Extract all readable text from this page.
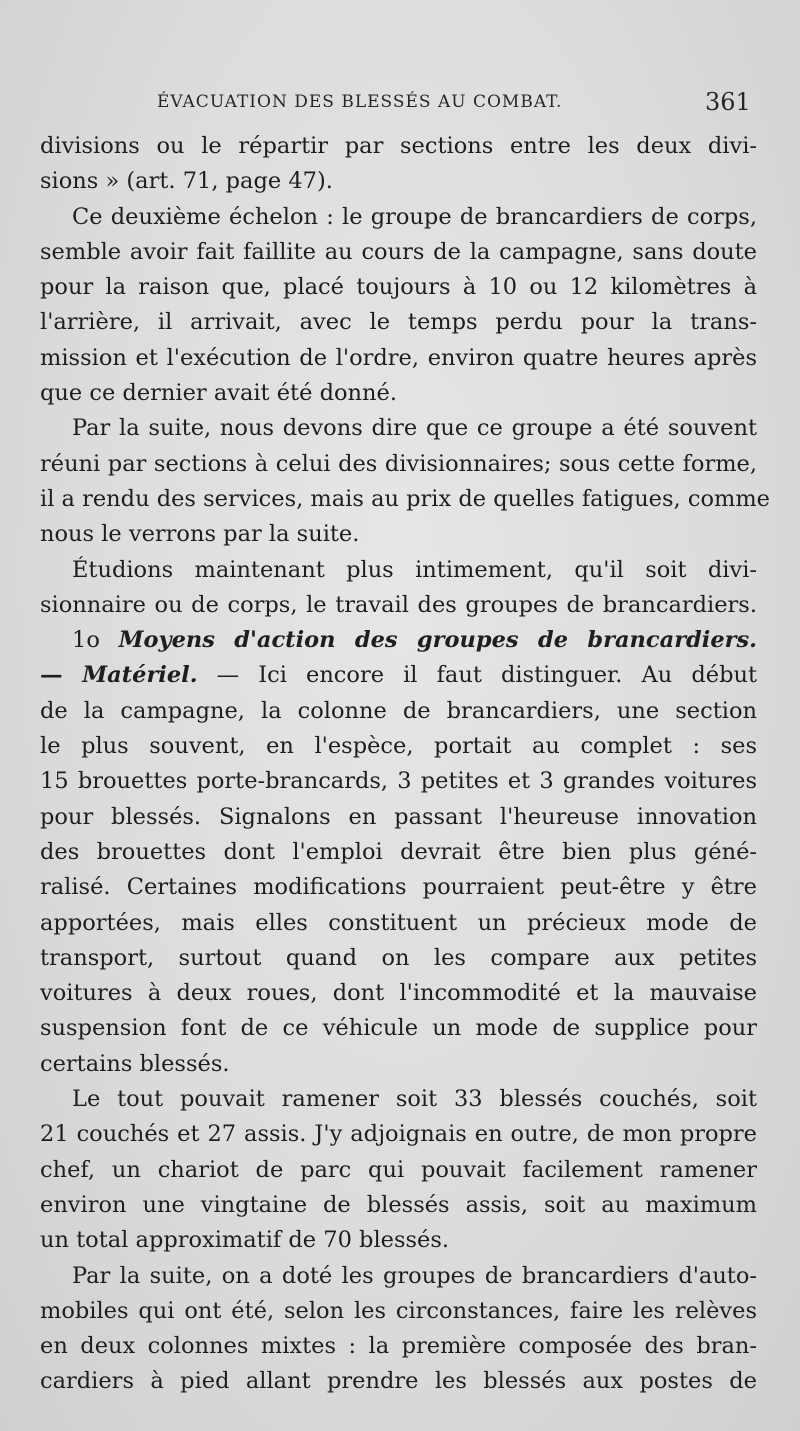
ÉVACUATION DES BLESSÉS AU COMBAT.	361
divisions ou le répartir par sections entre les deux divi-
sions » (art. 71, page 47).
Ce deuxième échelon : le groupe de brancardiers de corps,
semble avoir fait faillite au cours de la campagne, sans doute
pour la raison que, placé toujours à 10 ou 12 kilomètres à
l'arrière, il arrivait, avec le temps perdu pour la trans-
mission et l'exécution de l'ordre, environ quatre heures après
que ce dernier avait été donné.
Par la suite, nous devons dire que ce groupe a été souvent
réuni par sections à celui des divisionnaires; sous cette forme,
il a rendu des services, mais au prix de quelles fatigues, comme
nous le verrons par la suite.
Étudions maintenant plus intimement, qu'il soit divi-
sionnaire ou de corps, le travail des groupes de brancardiers.
1o Moyens d'action des groupes de brancardiers.
— Matériel. — Ici encore il faut distinguer. Au début
de la campagne, la colonne de brancardiers, une section
le plus souvent, en l'espèce, portait au complet : ses
15 brouettes porte-brancards, 3 petites et 3 grandes voitures
pour blessés. Signalons en passant l'heureuse innovation
des brouettes dont l'emploi devrait être bien plus géné-
ralisé. Certaines modifications pourraient peut-être y être
apportées, mais elles constituent un précieux mode de
transport, surtout quand on les compare aux petites
voitures à deux roues, dont l'incommodité et la mauvaise
suspension font de ce véhicule un mode de supplice pour
certains blessés.
Le tout pouvait ramener soit 33 blessés couchés, soit
21 couchés et 27 assis. J'y adjoignais en outre, de mon propre
chef, un chariot de parc qui pouvait facilement ramener
environ une vingtaine de blessés assis, soit au maximum
un total approximatif de 70 blessés.
Par la suite, on a doté les groupes de brancardiers d'auto-
mobiles qui ont été, selon les circonstances, faire les relèves
en deux colonnes mixtes : la première composée des bran-
cardiers à pied allant prendre les blessés aux postes de
